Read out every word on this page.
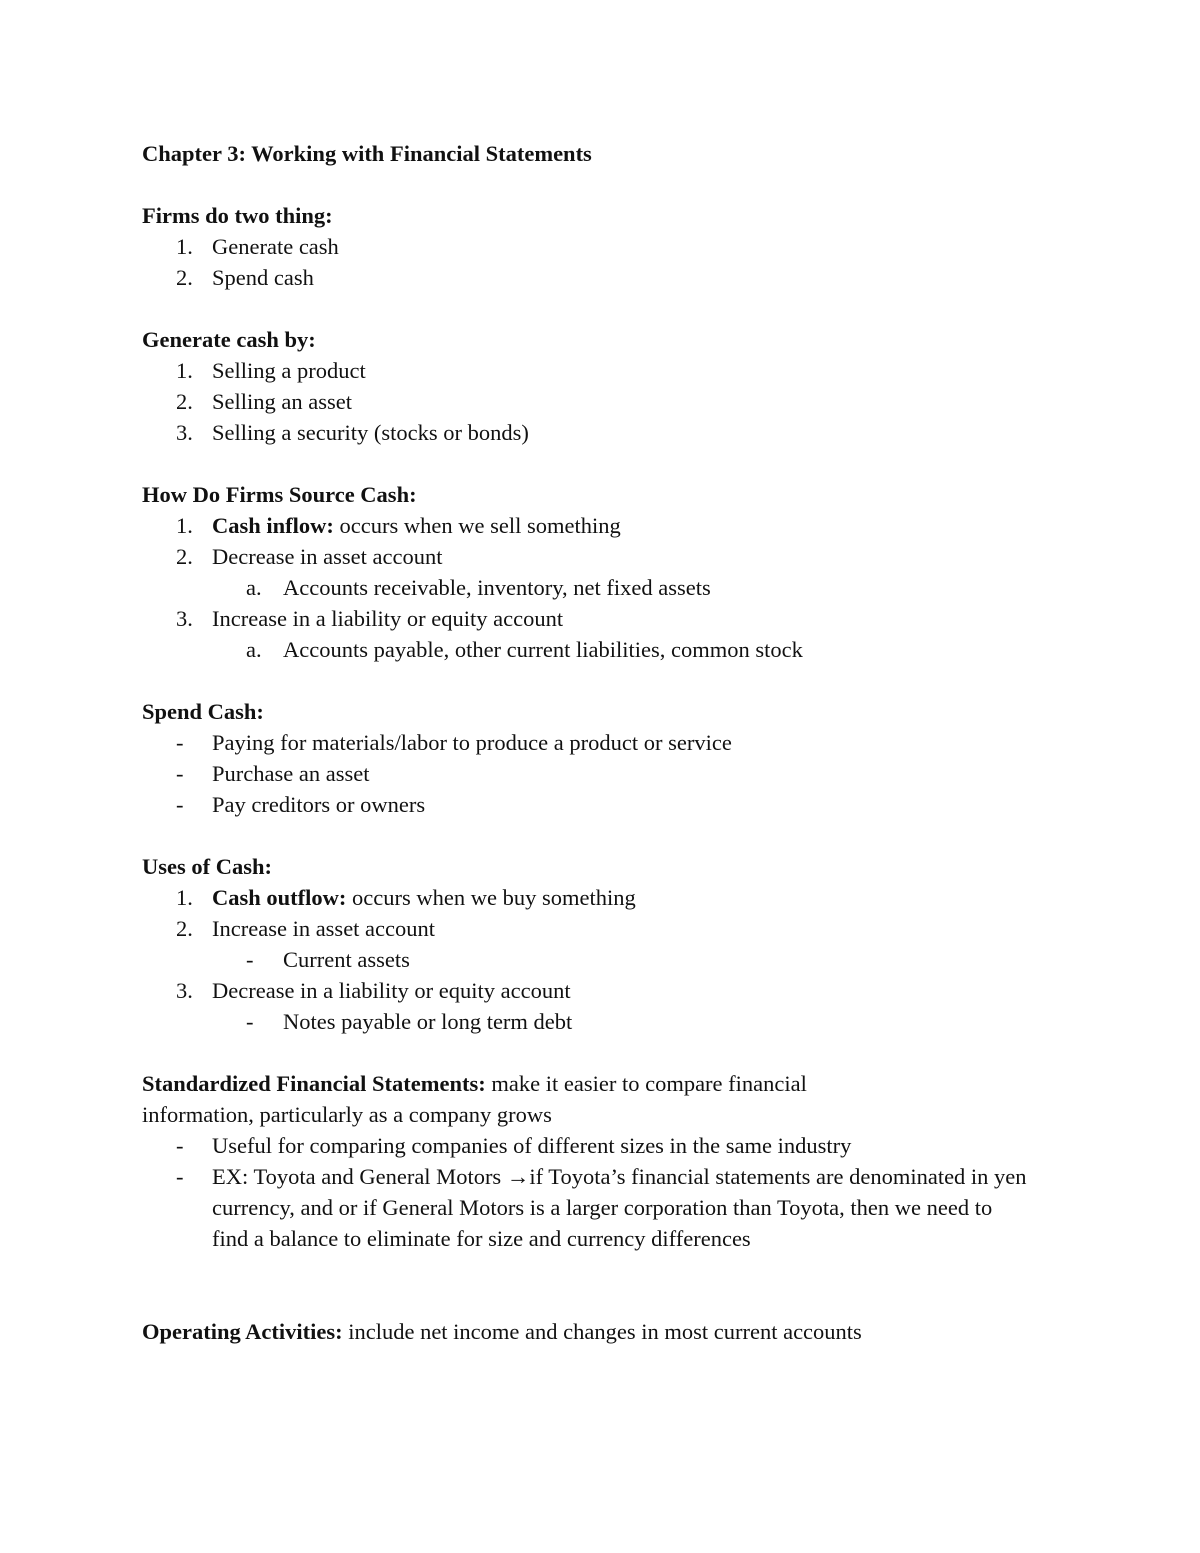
Chapter 3: Working with Financial Statements
Firms do two thing:
1. Generate cash
2. Spend cash
Generate cash by:
1. Selling a product
2. Selling an asset
3. Selling a security (stocks or bonds)
How Do Firms Source Cash:
1. Cash inflow: occurs when we sell something
2. Decrease in asset account
a. Accounts receivable, inventory, net fixed assets
3. Increase in a liability or equity account
a. Accounts payable, other current liabilities, common stock
Spend Cash:
-	Paying for materials/labor to produce a product or service
-	Purchase an asset
-	Pay creditors or owners
Uses of Cash:
1. Cash outflow: occurs when we buy something
2. Increase in asset account
-	Current assets
3. Decrease in a liability or equity account
-	Notes payable or long term debt
Standardized Financial Statements: make it easier to compare financial
information, particularly as a company grows
-	Useful for comparing companies of different sizes in the same industry
- EX: Toyota and General Motors →if Toyota’s financial statements are denominated in yen currency, and or if General Motors is a larger corporation than Toyota, then we need to find a balance to eliminate for size and currency differences
Operating Activities: include net income and changes in most current accounts
